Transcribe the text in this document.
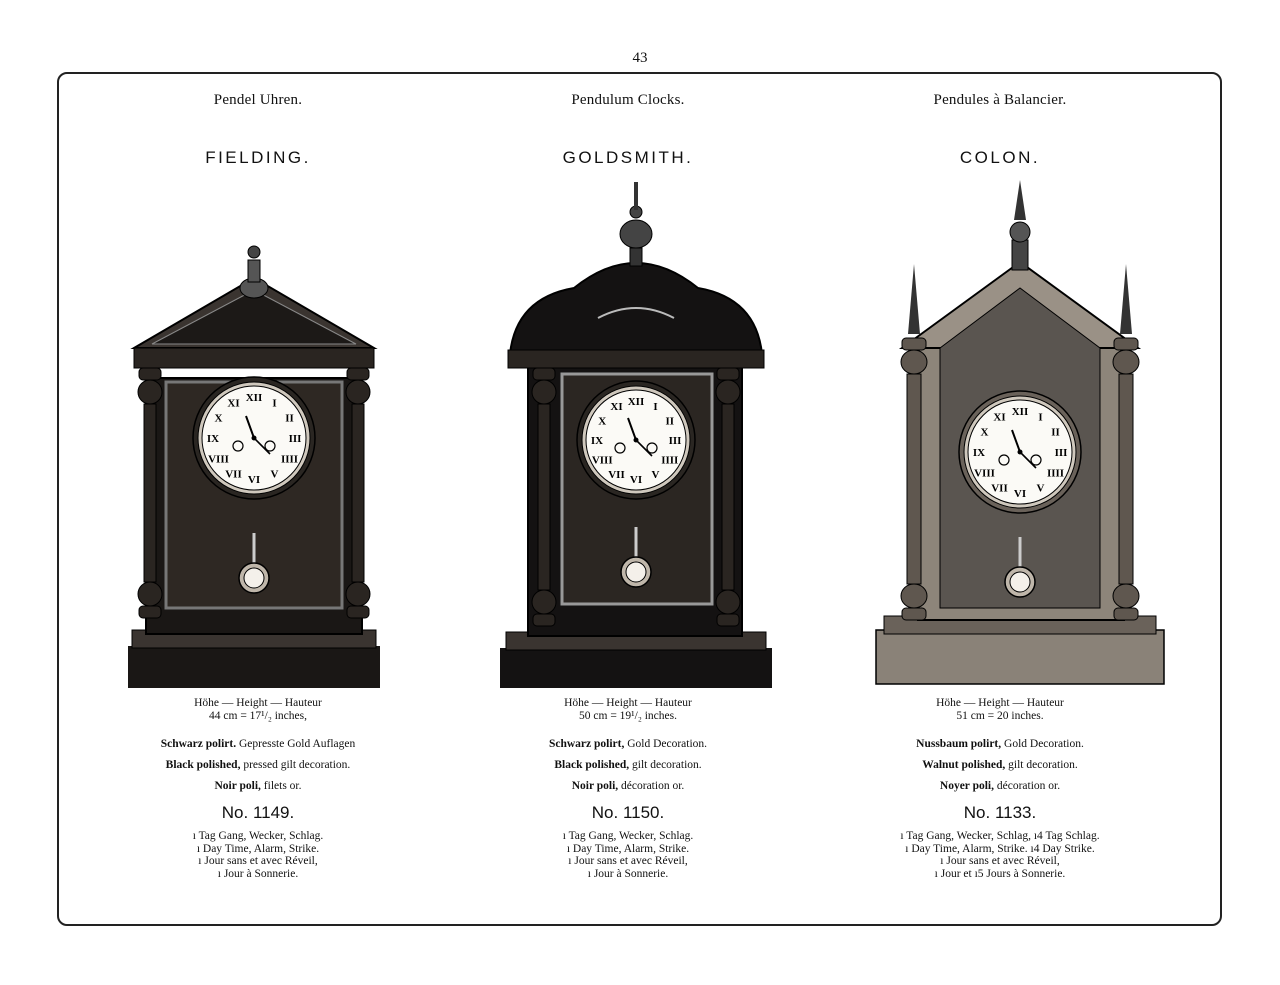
43
Pendel Uhren.
FIELDING.
XII I
II
III
IIII
V
VI
VII
VIII
IX
X
XI
Höhe — Height — Hauteur
44 cm = 17¹/₂ inches,
Schwarz polirt. Gepresste Gold Auflagen
Black polished, pressed gilt decoration.
Noir poli, filets or.
No. 1149.
ı Tag Gang, Wecker, Schlag.
ı Day Time, Alarm, Strike.
ı Jour sans et avec Réveil,
ı Jour à Sonnerie.
Pendulum Clocks.
GOLDSMITH.
XII I
II
III
IIII
V
VI
VII
VIII
IX
X
XI
Höhe — Height — Hauteur
50 cm = 19¹/₂ inches.
Schwarz polirt, Gold Decoration.
Black polished, gilt decoration.
Noir poli, décoration or.
No. 1150.
ı Tag Gang, Wecker, Schlag.
ı Day Time, Alarm, Strike.
ı Jour sans et avec Réveil,
ı Jour à Sonnerie.
Pendules à Balancier.
COLON.
XII I
II
III
IIII
V
VI
VII
VIII
IX
X
XI
Höhe — Height — Hauteur
51 cm = 20 inches.
Nussbaum polirt, Gold Decoration.
Walnut polished, gilt decoration.
Noyer poli, décoration or.
No. 1133.
ı Tag Gang, Wecker, Schlag, ı4 Tag Schlag.
ı Day Time, Alarm, Strike. ı4 Day Strike.
ı Jour sans et avec Réveil,
ı Jour et ı5 Jours à Sonnerie.
